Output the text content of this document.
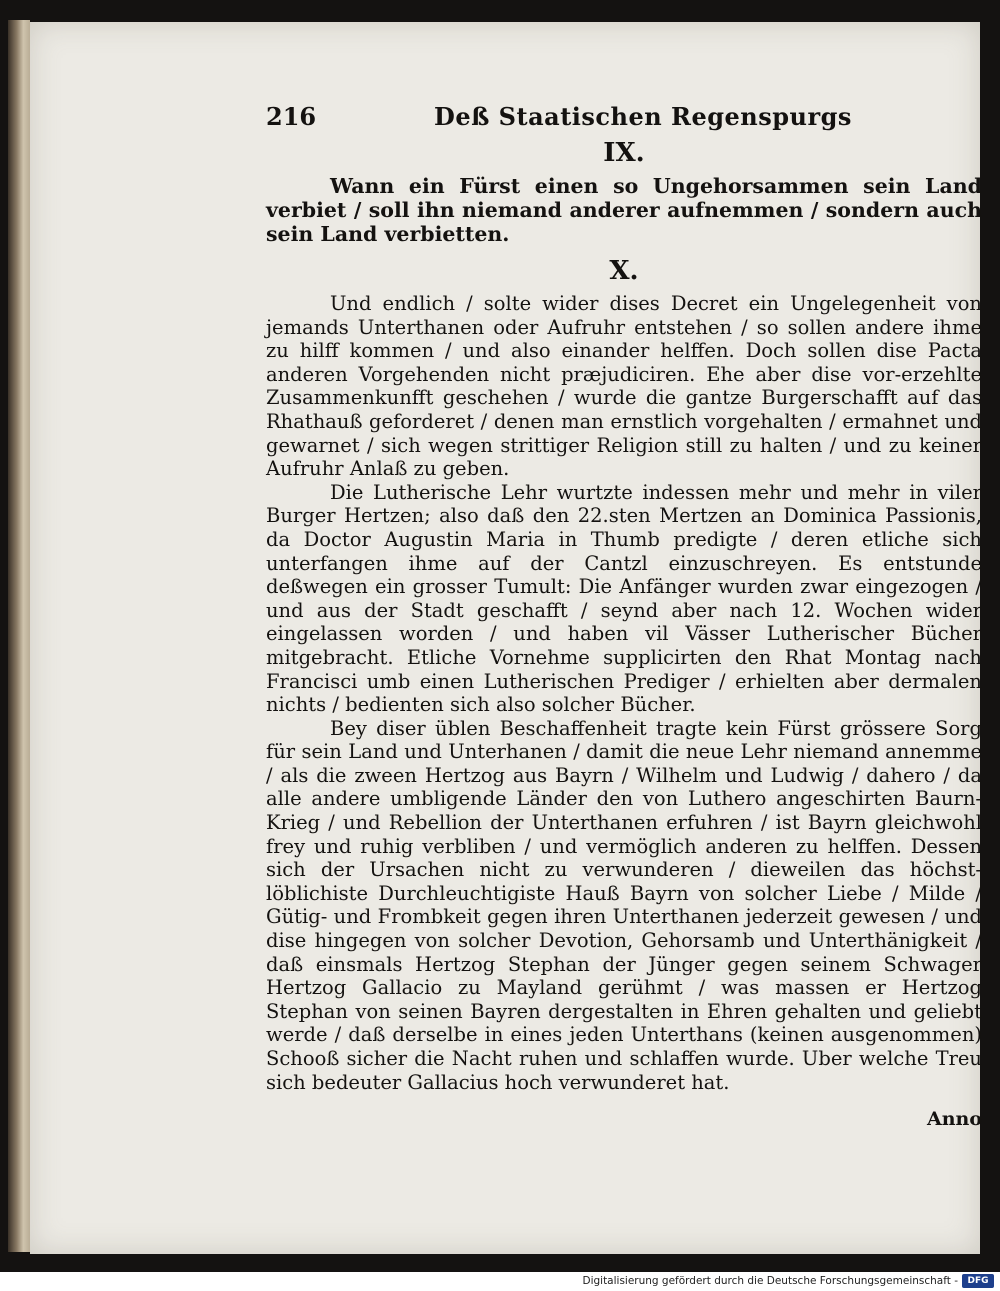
216	Deß Staatischen Regenspurgs
IX.

Wann ein Fürst einen so Ungehorsammen sein Land verbiet / soll ihn niemand anderer aufnemmen / sondern auch sein Land verbietten.

X.

Und endlich / solte wider dises Decret ein Ungelegenheit von jemands Unterthanen oder Aufruhr entstehen / so sollen andere ihme zu hilff kommen / und also einander helffen. Doch sollen dise Pacta anderen Vorgehenden nicht præjudiciren. Ehe aber dise vor-erzehlte Zusammenkunfft geschehen / wurde die gantze Burgerschafft auf das Rhathauß geforderet / denen man ernstlich vorgehalten / ermahnet und gewarnet / sich wegen strittiger Religion still zu halten / und zu keiner Aufruhr Anlaß zu geben.

Die Lutherische Lehr wurtzte indessen mehr und mehr in viler Burger Hertzen; also daß den 22.sten Mertzen an Dominica Passionis, da Doctor Augustin Maria in Thumb predigte / deren etliche sich unterfangen ihme auf der Cantzl einzuschreyen. Es entstunde deßwegen ein grosser Tumult: Die Anfänger wurden zwar eingezogen / und aus der Stadt geschafft / seynd aber nach 12. Wochen wider eingelassen worden / und haben vil Vässer Lutherischer Bücher mitgebracht. Etliche Vornehme supplicirten den Rhat Montag nach Francisci umb einen Lutherischen Prediger / erhielten aber dermalen nichts / bedienten sich also solcher Bücher.

Bey diser üblen Beschaffenheit tragte kein Fürst grössere Sorg für sein Land und Unterhanen / damit die neue Lehr niemand annemme / als die zween Hertzog aus Bayrn / Wilhelm und Ludwig / dahero / da alle andere umbligende Länder den von Luthero angeschirten Baurn-Krieg / und Rebellion der Unterthanen erfuhren / ist Bayrn gleichwohl frey und ruhig verbliben / und vermöglich anderen zu helffen. Dessen sich der Ursachen nicht zu verwunderen / dieweilen das höchst-löblichiste Durchleuchtigiste Hauß Bayrn von solcher Liebe / Milde / Gütig- und Frombkeit gegen ihren Unterthanen jederzeit gewesen / und dise hingegen von solcher Devotion, Gehorsamb und Unterthänigkeit / daß einsmals Hertzog Stephan der Jünger gegen seinem Schwager Hertzog Gallacio zu Mayland gerühmt / was massen er Hertzog Stephan von seinen Bayren dergestalten in Ehren gehalten und geliebt werde / daß derselbe in eines jeden Unterthans (keinen ausgenommen) Schooß sicher die Nacht ruhen und schlaffen wurde. Uber welche Treu sich bedeuter Gallacius hoch verwunderet hat.

Anno
Digitalisierung gefördert durch die Deutsche Forschungsgemeinschaft -	DFG
